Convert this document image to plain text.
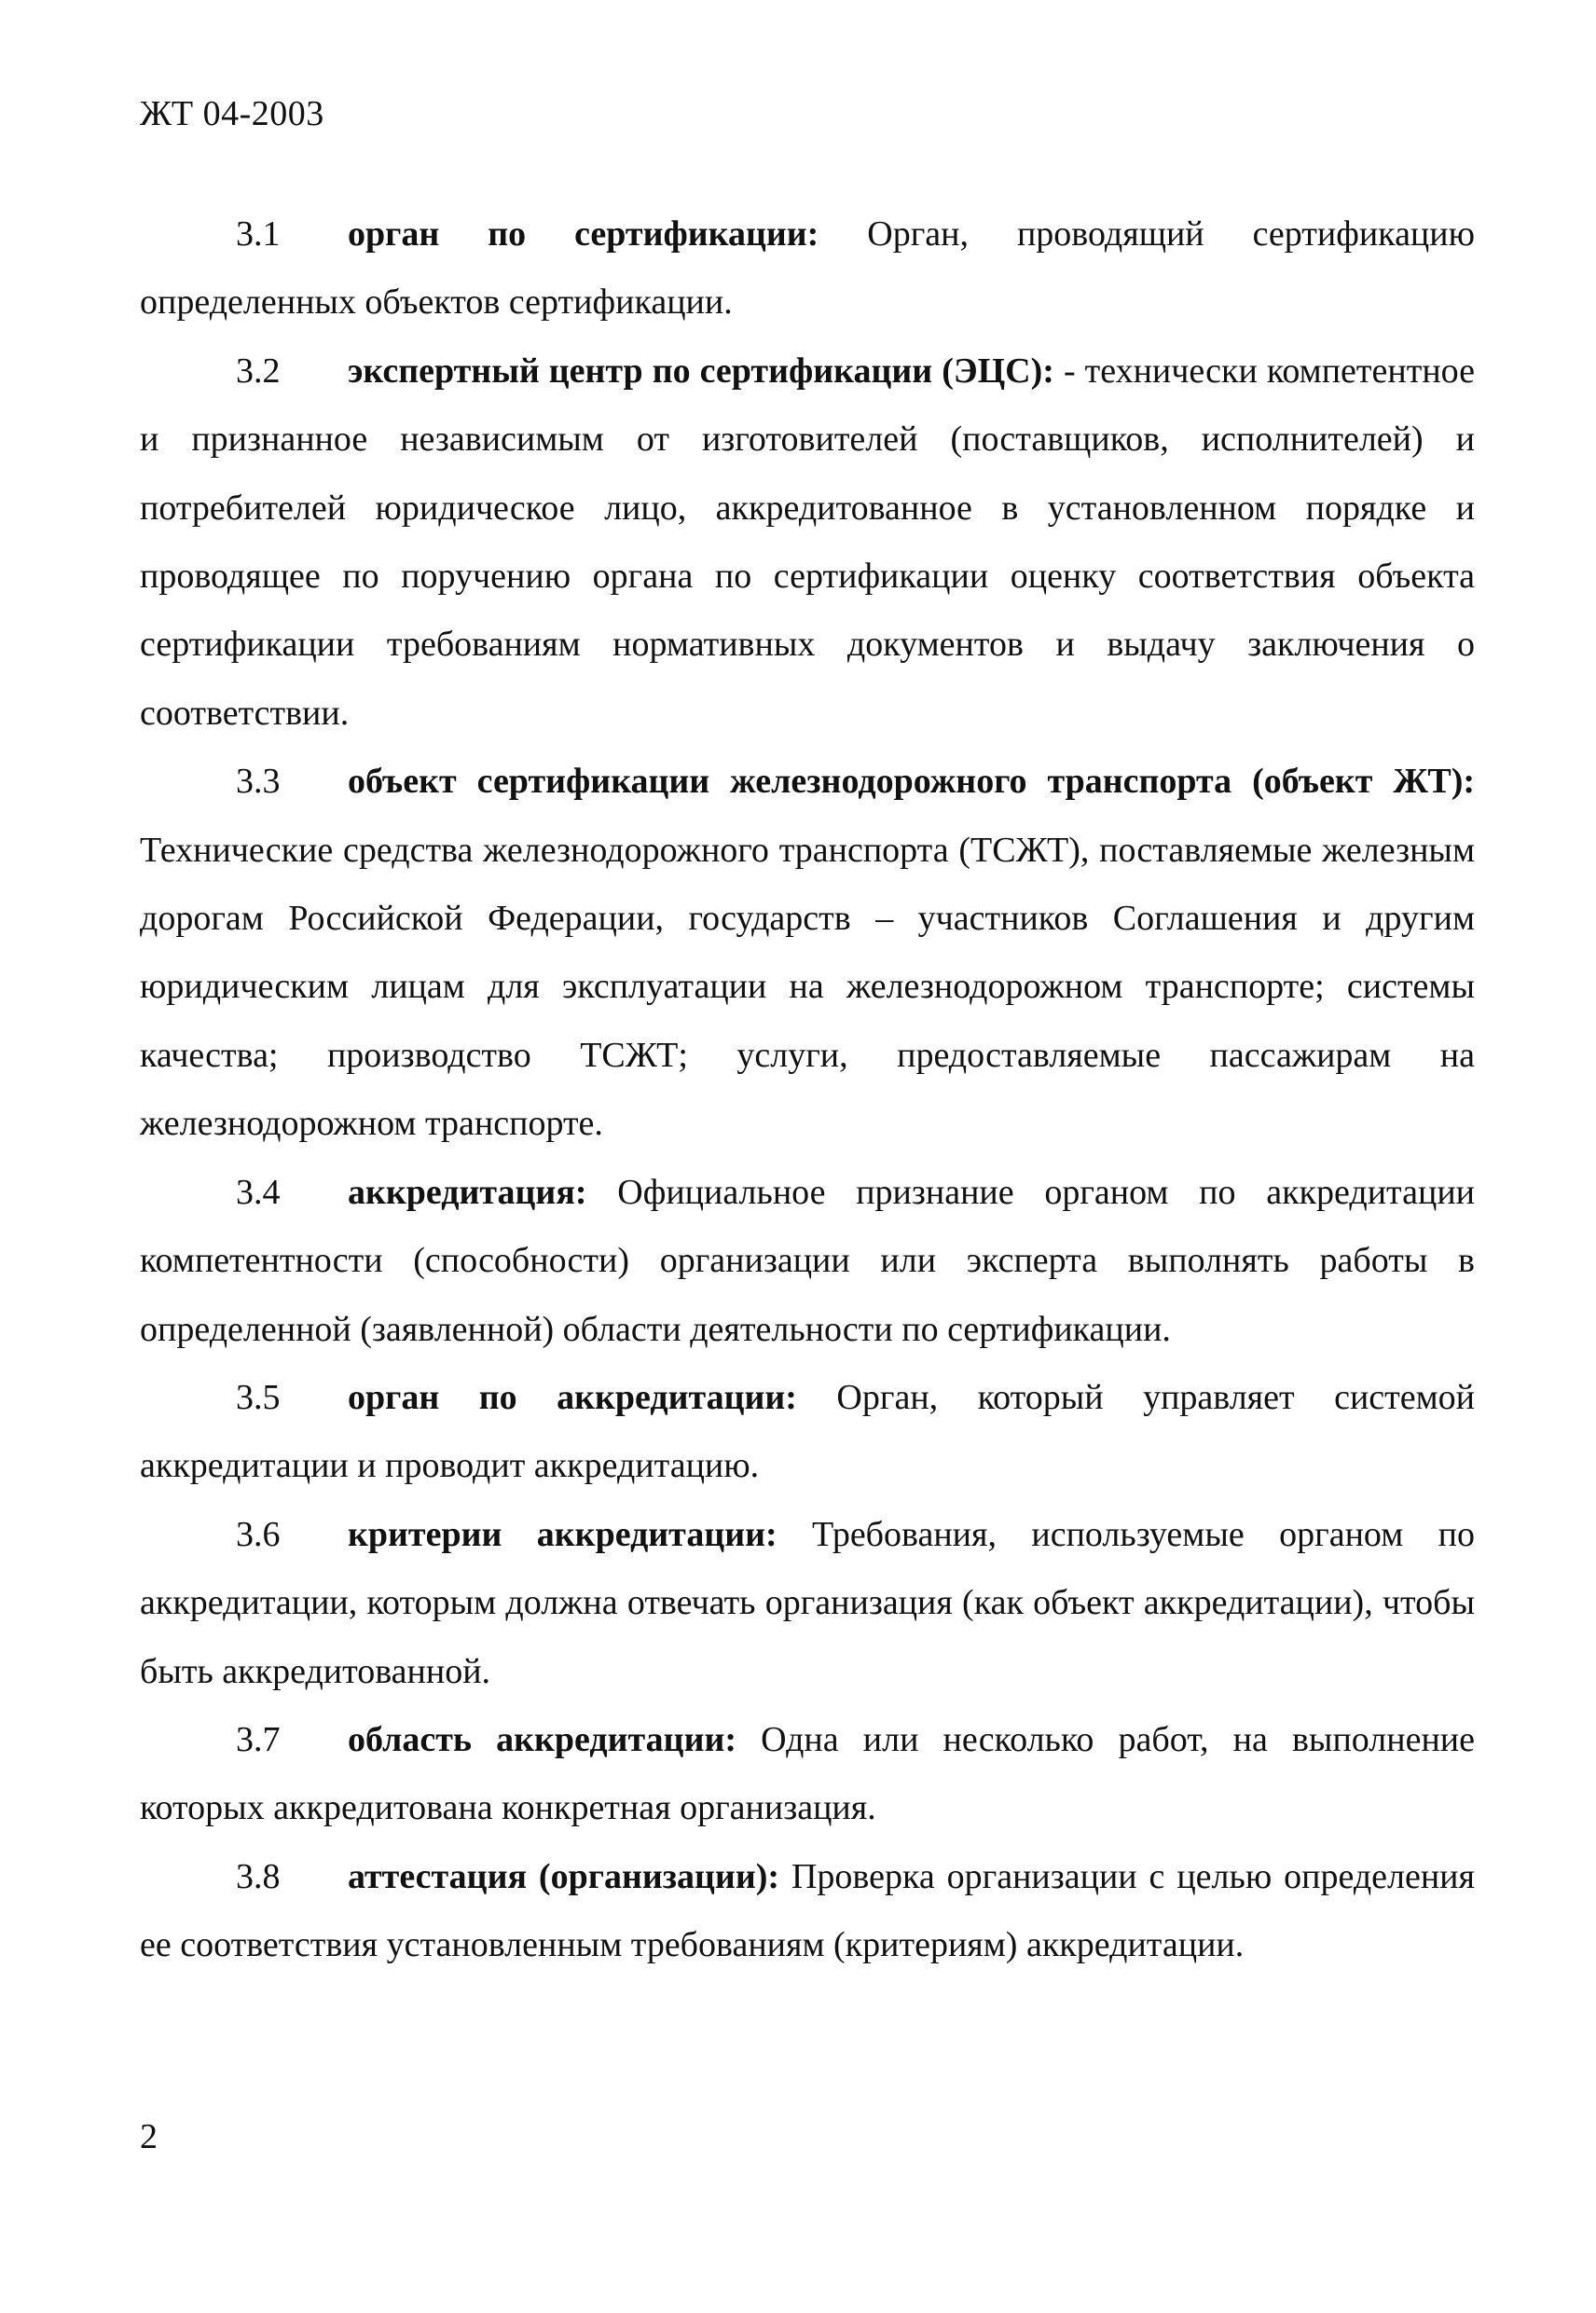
ЖТ 04-2003

3.1 орган по сертификации: Орган, проводящий сертификацию определенных объектов сертификации.

3.2 экспертный центр по сертификации (ЭЦС): - технически компетентное и признанное независимым от изготовителей (поставщиков, исполнителей) и потребителей юридическое лицо, аккредитованное в установленном порядке и проводящее по поручению органа по сертификации оценку соответствия объекта сертификации требованиям нормативных документов и выдачу заключения о соответствии.

3.3 объект сертификации железнодорожного транспорта (объект ЖТ): Технические средства железнодорожного транспорта (ТСЖТ), поставляемые железным дорогам Российской Федерации, государств – участников Соглашения и другим юридическим лицам для эксплуатации на железнодорожном транспорте; системы качества; производство ТСЖТ; услуги, предоставляемые пассажирам на железнодорожном транспорте.

3.4 аккредитация: Официальное признание органом по аккредитации компетентности (способности) организации или эксперта выполнять работы в определенной (заявленной) области деятельности по сертификации.

3.5 орган по аккредитации: Орган, который управляет системой аккредитации и проводит аккредитацию.

3.6 критерии аккредитации: Требования, используемые органом по аккредитации, которым должна отвечать организация (как объект аккредитации), чтобы быть аккредитованной.

3.7 область аккредитации: Одна или несколько работ, на выполнение которых аккредитована конкретная организация.

3.8 аттестация (организации): Проверка организации с целью определения ее соответствия установленным требованиям (критериям) аккредитации.

2
